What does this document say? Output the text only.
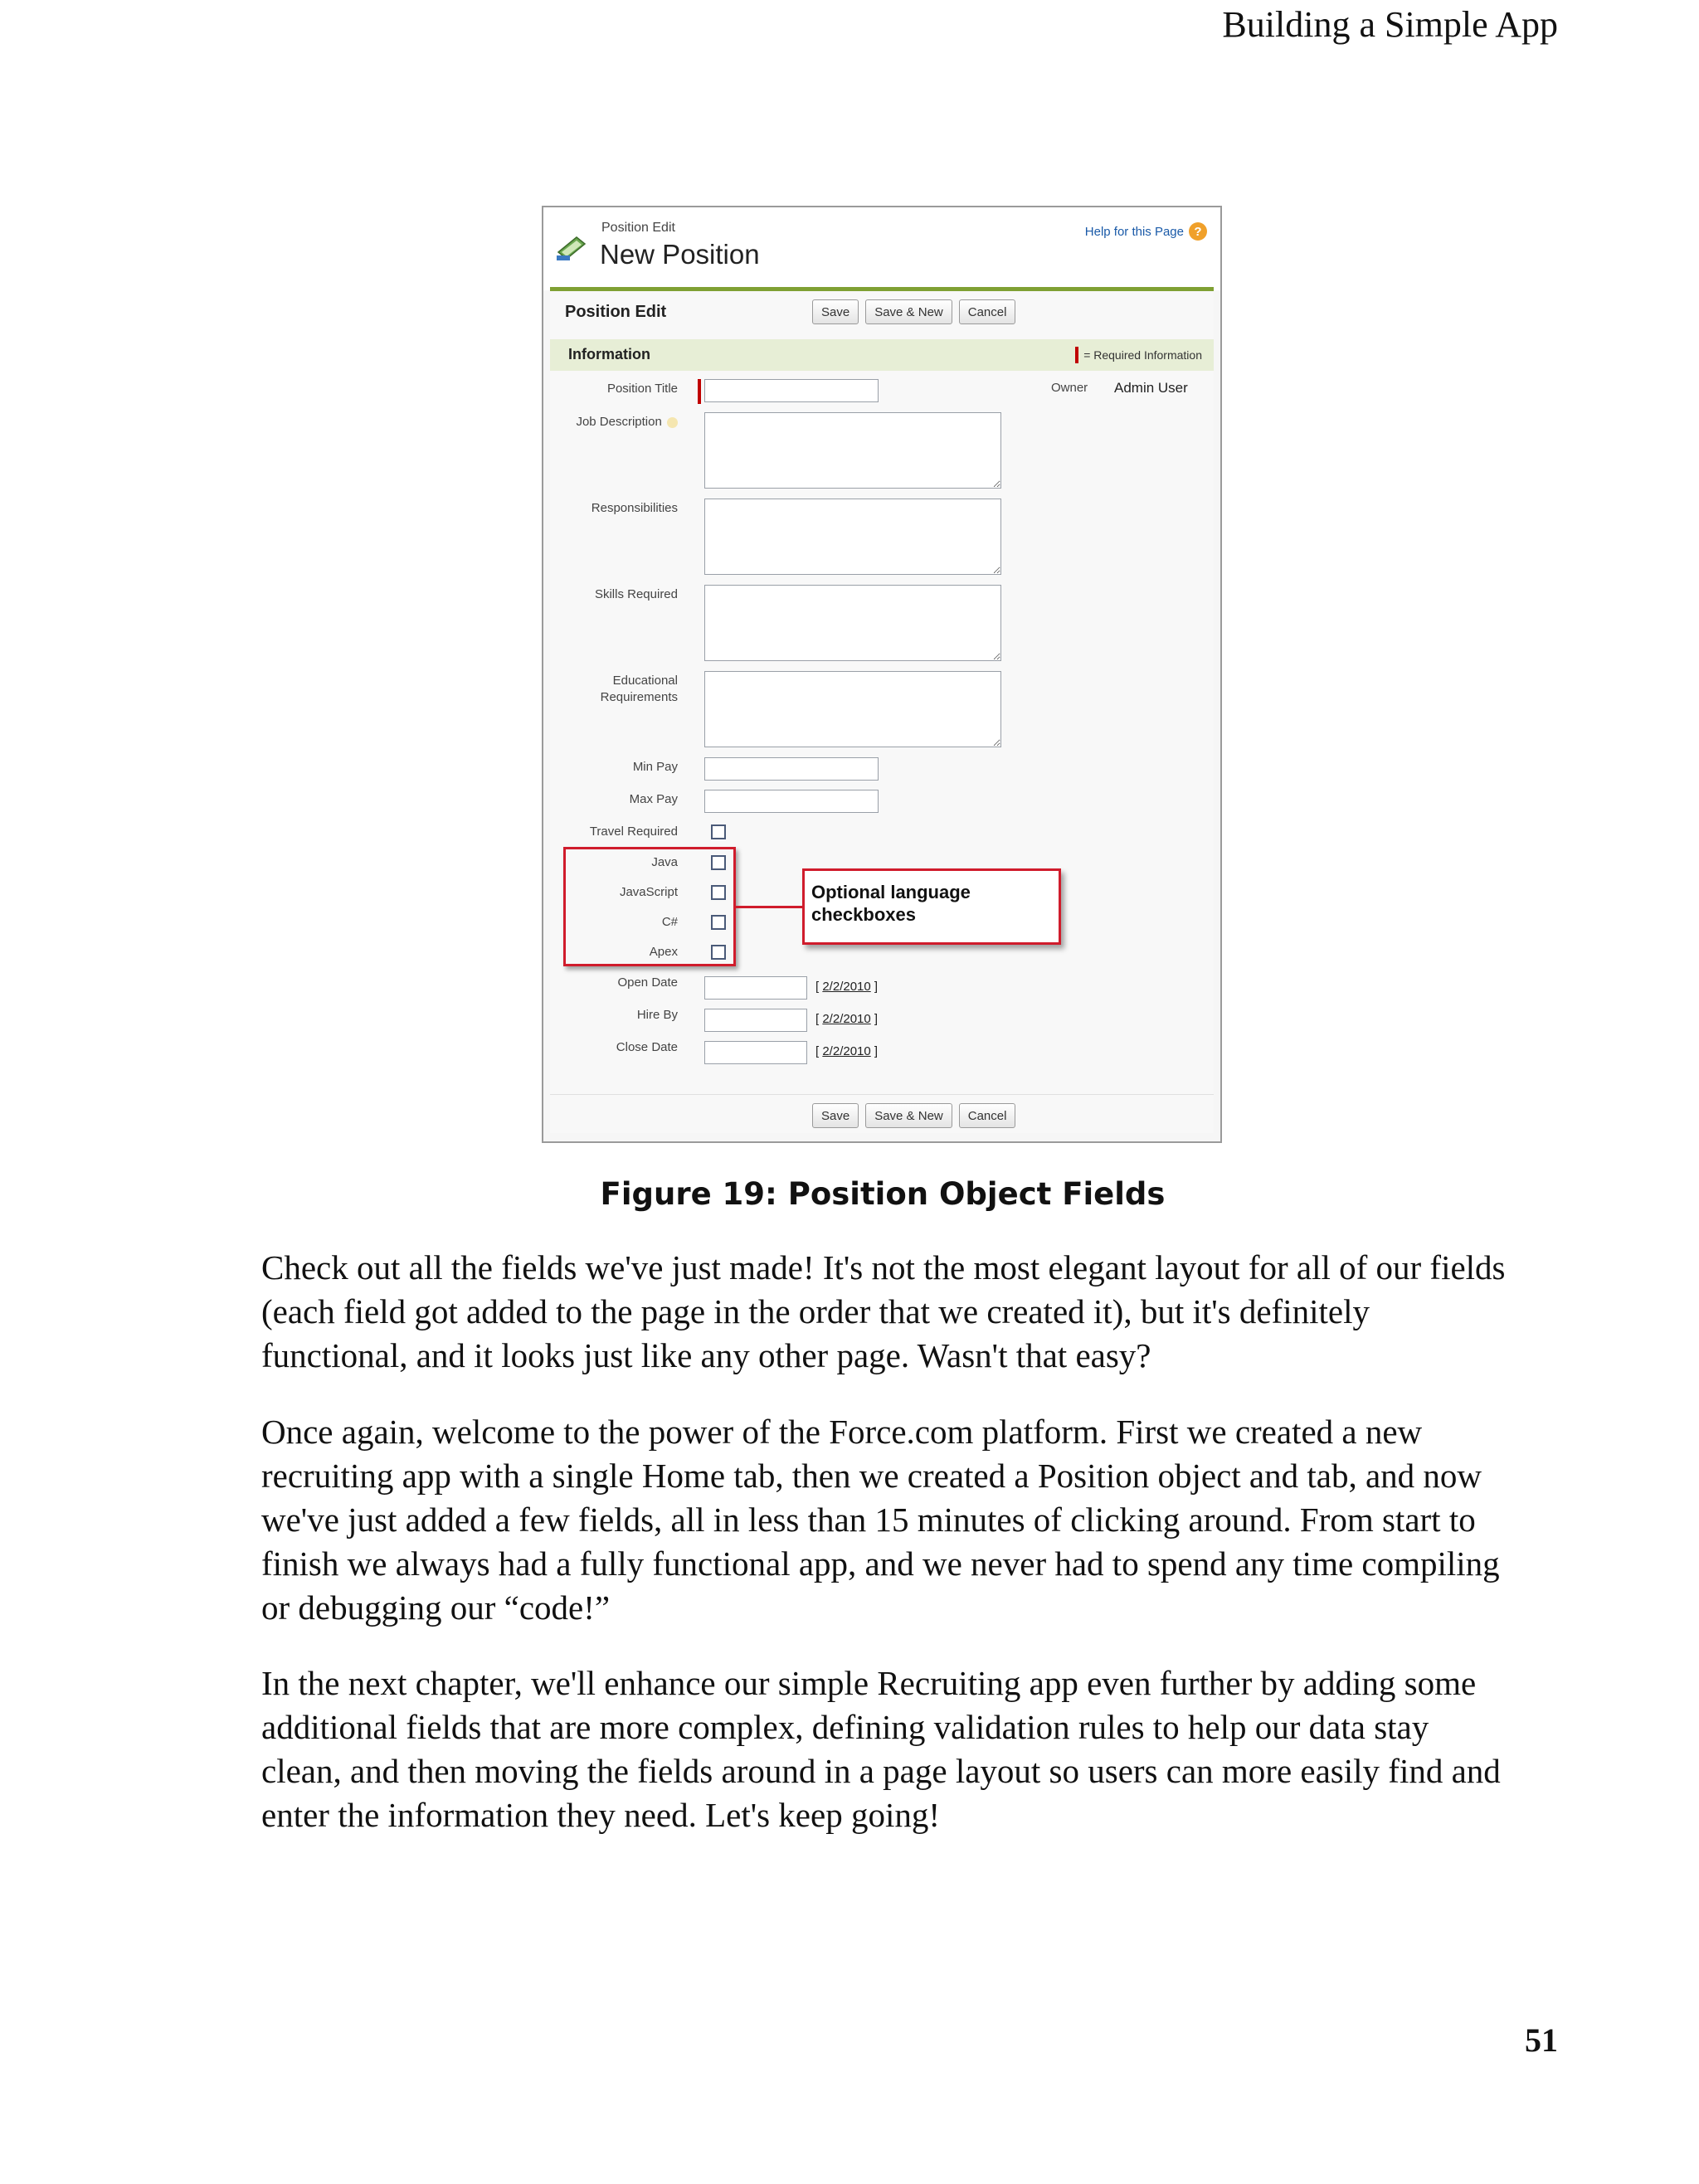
Building a Simple App
Position Edit
New Position
Help for this Page ?
Position Edit	Save	Save & New	Cancel
Information	= Required Information
Position Title	Owner Admin User
Job Description
Responsibilities
Skills Required
Educational
Requirements
Min Pay
Max Pay
Travel Required
Java
JavaScript
C#
Apex
Optional language
checkboxes
Open Date	[ 2/2/2010 ]
Hire By	[ 2/2/2010 ]
Close Date	[ 2/2/2010 ]
Save	Save & New	Cancel
Figure 19: Position Object Fields

Check out all the fields we've just made! It's not the most elegant layout for all of our fields (each field got added to the page in the order that we created it), but it's definitely functional, and it looks just like any other page. Wasn't that easy?

Once again, welcome to the power of the Force.com platform. First we created a new recruiting app with a single Home tab, then we created a Position object and tab, and now we've just added a few fields, all in less than 15 minutes of clicking around. From start to finish we always had a fully functional app, and we never had to spend any time compiling or debugging our “code!”

In the next chapter, we'll enhance our simple Recruiting app even further by adding some additional fields that are more complex, defining validation rules to help our data stay clean, and then moving the fields around in a page layout so users can more easily find and enter the information they need. Let's keep going!

51
